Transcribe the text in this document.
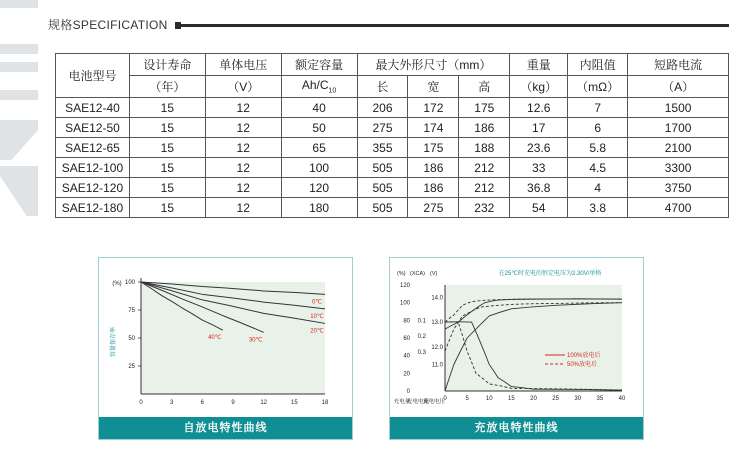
规格SPECIFICATION
电池型号	设计寿命	单体电压	额定容量	最大外形尺寸（mm）			重量	内阻值	短路电流
	（年）	（V）	$Ah/C_{10}$	长	宽	高	（kg）	（mΩ）	（A）
SAE12-40	15	12	40	206	172	175	12.6	7	1500
SAE12-50	15	12	50	275	174	186	17	6	1700
SAE12-65	15	12	65	355	175	188	23.6	5.8	2100
SAE12-100	15	12	100	505	186	212	33	4.5	3300
SAE12-120	15	12	120	505	186	212	36.8	4	3750
SAE12-180	15	12	180	505	275	232	54	3.8	4700
(%)
25
50
75
100
0	3	6	9	12	15	18
容量保存率
0℃
10℃
20℃
30℃
40℃
自放电特性曲线
(%) (XCA) (V)	在25℃时充电的恒定电压为2.30V/单格
0
20
40
60
80
100
120
0.1
0.2
0.3
11.0
12.0
13.0
14.0
0	5	10	15	20	25	30	35	40
充电量
充电电流
充电电压
100%放电后
50%放电后
充放电特性曲线
